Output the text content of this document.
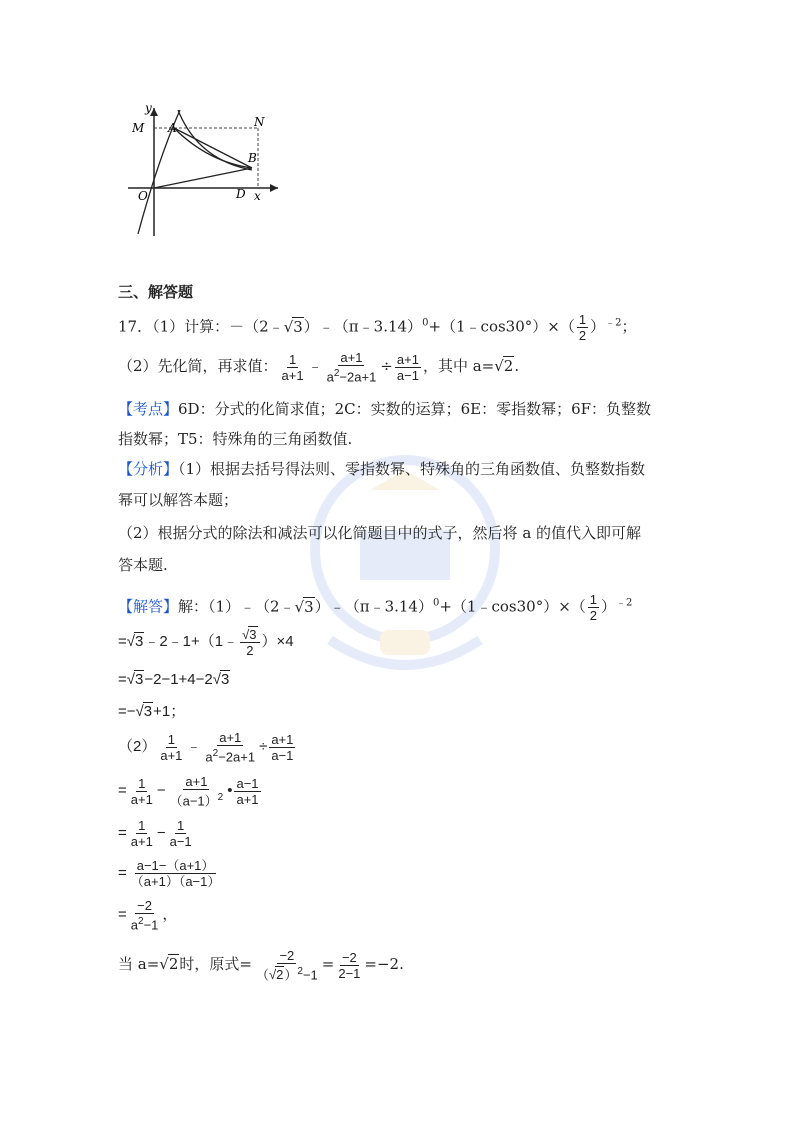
y
M A	N
B
O	D x
三、解答题
17．（1）计算：－（2﹣√3）﹣（π﹣3.14）$^0$+（1﹣cos30°）×（ $\frac{1}{2} )^{﹣2}$；
（2）先化简，再求值： $\frac{1}{a+1}$ ﹣ $\frac{a+1}{a^2-2a+1} \div \frac{a+1}{a-1}$ ，其中 a=√2.
【考点】6D：分式的化简求值；2C：实数的运算；6E：零指数幂；6F：负整数
指数幂；T5：特殊角的三角函数值.
【分析】（1）根据去括号得法则、零指数幂、特殊角的三角函数值、负整数指数
幂可以解答本题；
（2）根据分式的除法和减法可以化简题目中的式子，然后将 a 的值代入即可解
答本题.
【解答】解：（1）﹣（2﹣√3）﹣（π﹣3.14）$^0$+（1﹣cos30°）×（ $\frac{1}{2} )^{﹣2}$
=√3﹣2﹣1+（1﹣ $\frac{√3}{2} )\times 4$
=√3−2−1+4−2√3
=−√3+1；
$(2) \frac{1}{a+1}$ ﹣ $\frac{a+1}{a^2-2a+1} \div \frac{a+1}{a-1}$
= $\frac{1}{a+1} - \frac{a+1}{(a-1)^2}$ • $\frac{a-1}{a+1}$
= $\frac{1}{a+1} - \frac{1}{a-1}$
= $\frac{a-1-(a+1)}{(a+1)(a-1)}$
= $\frac{-2}{a^2-1}$ ，
当 a=√2时，原式= $\frac{-2}{(√2)^2-1} = \frac{-2}{2-1} =-2$.
